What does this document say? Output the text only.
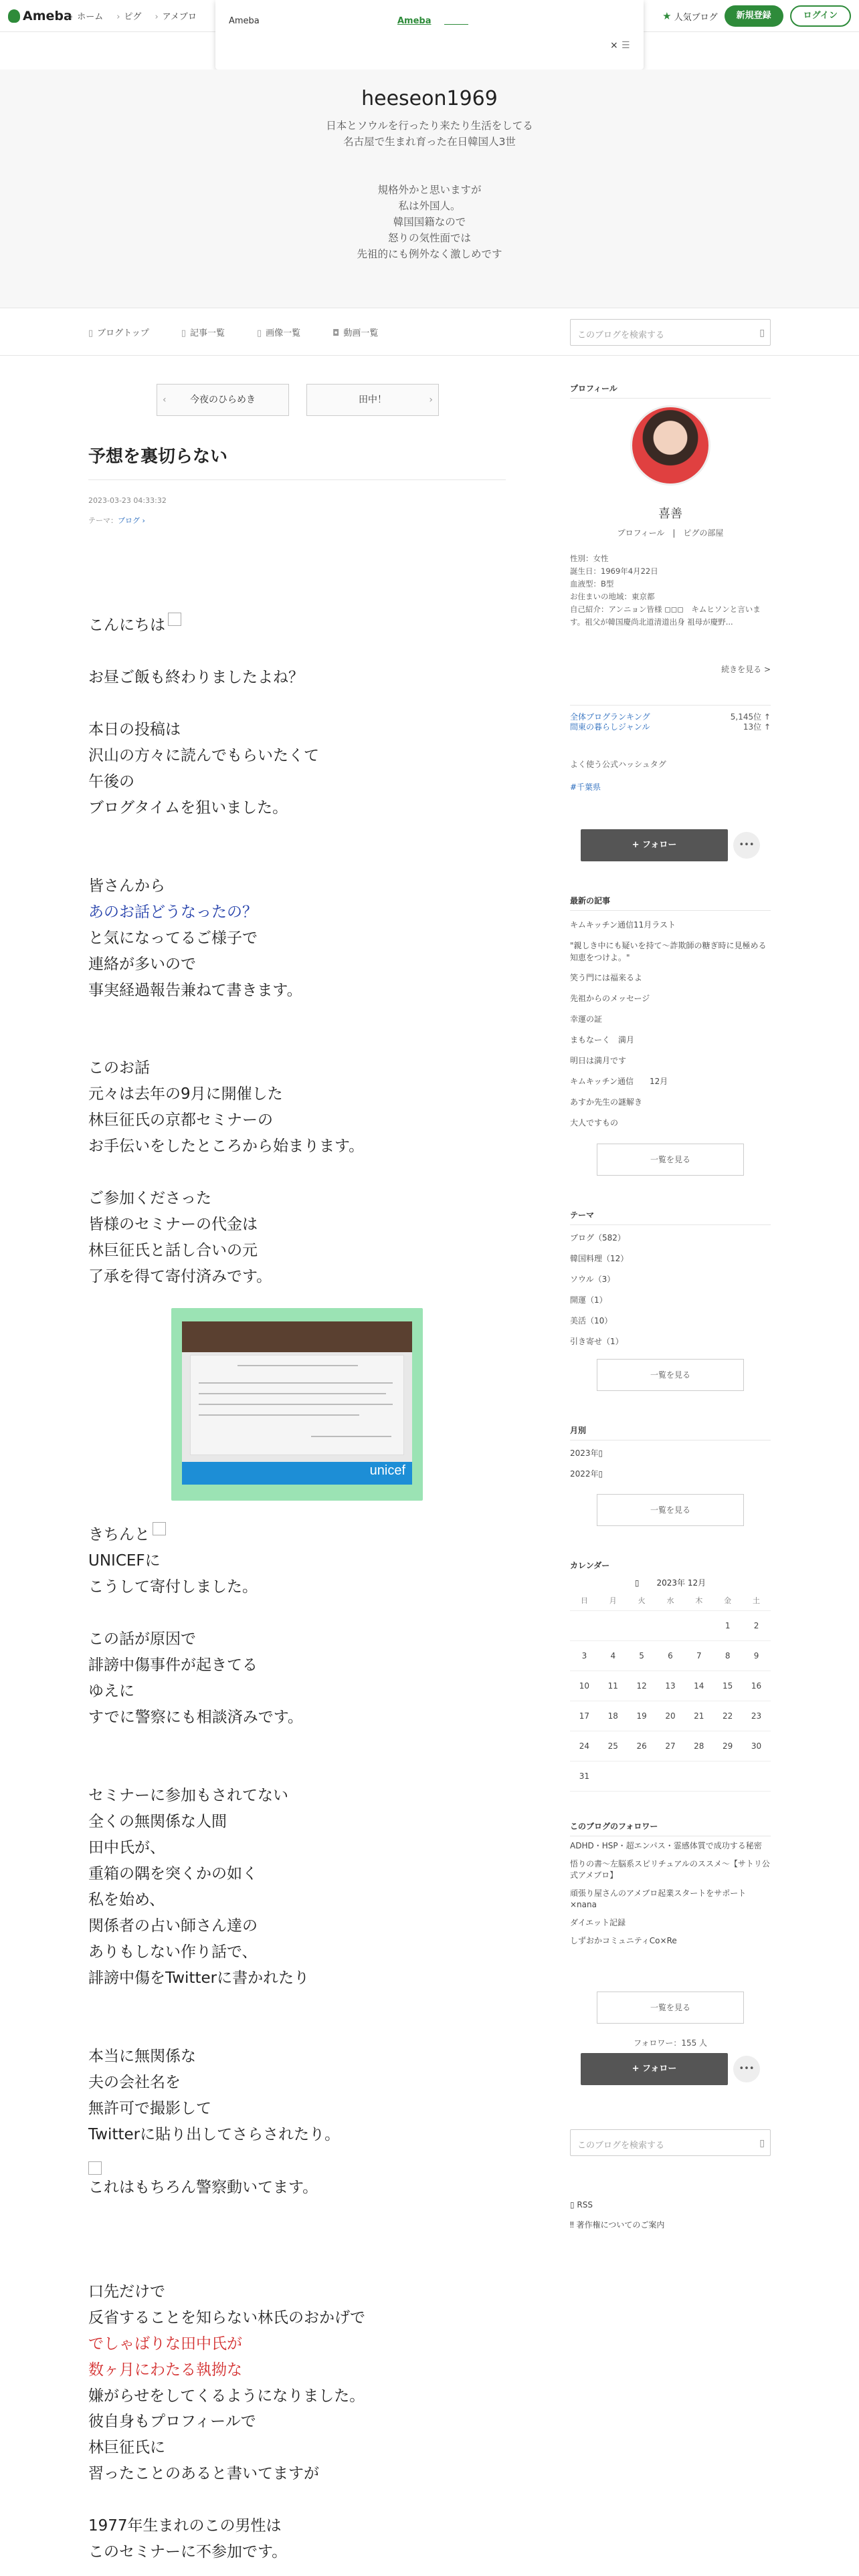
Ameba › ホーム	› ピグ	› アメブロ	★ 人気ブログ	新規登録	ログイン
Ameba	Ameba
× ☰
heeseon1969
日本とソウルを行ったり来たり生活をしてる
名古屋で生まれ育った在日韓国人3世

規格外かと思いますが
私は外国人。
韓国国籍なので
怒りの気性面では
先祖的にも例外なく激しめです
▯ ブログトップ	▯ 記事一覧	▯ 画像一覧	◘ 動画一覧	このブログを検索する	▯
‹ 今夜のひらめき	田中！ ›
予想を裏切らない
2023-03-23 04:33:32
テーマ：ブログ ›
こんにちは
お昼ご飯も終わりましたよね？

本日の投稿は
沢山の方々に読んでもらいたくて
午後の
ブログタイムを狙いました。
皆さんから
あのお話どうなったの？
と気になってるご様子で
連絡が多いので
事実経過報告兼ねて書きます。
このお話
元々は去年の9月に開催した
林巨征氏の京都セミナーの
お手伝いをしたところから始まります。

ご参加くださった
皆様のセミナーの代金は
林巨征氏と話し合いの元
了承を得て寄付済みです。
unicef
きちんと
UNICEFに
こうして寄付しました。

この話が原因で
誹謗中傷事件が起きてる
ゆえに
すでに警察にも相談済みです。
セミナーに参加もされてない
全くの無関係な人間
田中氏が、
重箱の隅を突くかの如く
私を始め、
関係者の占い師さん達の
ありもしない作り話で、
誹謗中傷をTwitterに書かれたり
本当に無関係な
夫の会社名を
無許可で撮影して
Twitterに貼り出してさらされたり。
これはもちろん警察動いてます。
口先だけで
反省することを知らない林氏のおかげで
でしゃばりな田中氏が
数ヶ月にわたる執拗な
嫌がらせをしてくるようになりました。
彼自身もプロフィールで
林巨征氏に
習ったことのあると書いてますが

1977年生まれのこの男性は
このセミナーに不参加です。
プロフィール
喜善
プロフィール　|　ピグの部屋
性別：女性
誕生日：1969年4月22日
血液型：B型
お住まいの地域：東京都
自己紹介：アンニョン皆様 ◻◻◻　キムヒソンと言います。祖父が韓国慶尚北道清道出身 祖母が慶野...
続きを見る >
全体ブログランキング	5,145位 ↑
間東の暮らしジャンル	13位 ↑
よく使う公式ハッシュタグ
#千葉県
+ フォロー	•••
最新の記事
キムキッチン通信11月ラスト
"親しき中にも疑いを持て〜詐欺師の糖ぎ時に見極める知恵をつけよ。"
笑う門には福来るよ
先祖からのメッセージ
幸運の証
まもなーく　満月
明日は満月です
キムキッチン通信　　12月
あすか先生の謎解き
大人ですもの
一覧を見る
テーマ
ブログ（582）
韓国料理（12）
ソウル（3）
開運（1）
美活（10）
引き寄せ（1）
一覧を見る
月別
2023年▯
2022年▯
一覧を見る
カレンダー
▯ 2023年 12月
日	月	火	水	木	金	土
					1	2
3	4	5	6	7	8	9
10	11	12	13	14	15	16
17	18	19	20	21	22	23
24	25	26	27	28	29	30
31						
このブログのフォロワー
ADHD・HSP・超エンパス・霊感体質で成功する秘密
悟りの書〜左脳系スピリチュアルのススメ〜【サトリ公式アメブロ】
頑張り屋さんのアメブロ起業スタートをサポート×nana
ダイエット記録
しずおかコミュニティCo×Re
一覧を見る
フォロワー：155 人
+ フォロー	•••
このブログを検索する	▯
▯ RSS
‼ 著作権についてのご案内
